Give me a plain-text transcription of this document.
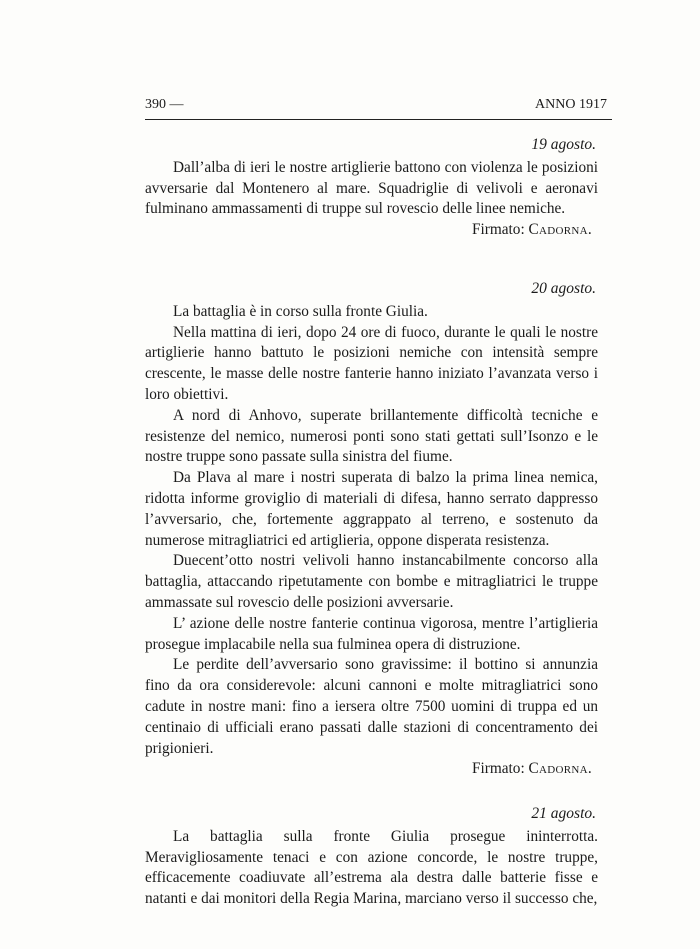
390 —	ANNO 1917

19 agosto.

Dall’alba di ieri le nostre artiglierie battono con violenza le posizioni avversarie dal Montenero al mare. Squadriglie di velivoli e aeronavi fulminano ammassamenti di truppe sul rovescio delle linee nemiche.

Firmato: Cadorna.

20 agosto.

La battaglia è in corso sulla fronte Giulia.

Nella mattina di ieri, dopo 24 ore di fuoco, durante le quali le nostre artiglierie hanno battuto le posizioni nemiche con intensità sempre crescente, le masse delle nostre fanterie hanno iniziato l’avanzata verso i loro obiettivi.

A nord di Anhovo, superate brillantemente difficoltà tecniche e resistenze del nemico, numerosi ponti sono stati gettati sull’Isonzo e le nostre truppe sono passate sulla sinistra del fiume.

Da Plava al mare i nostri superata di balzo la prima linea nemica, ridotta informe groviglio di materiali di difesa, hanno serrato dappresso l’avversario, che, fortemente aggrappato al terreno, e sostenuto da numerose mitragliatrici ed artiglieria, oppone disperata resistenza.

Duecent’otto nostri velivoli hanno instancabilmente concorso alla battaglia, attaccando ripetutamente con bombe e mitragliatrici le truppe ammassate sul rovescio delle posizioni avversarie.

L’ azione delle nostre fanterie continua vigorosa, mentre l’artiglieria prosegue implacabile nella sua fulminea opera di distruzione.

Le perdite dell’avversario sono gravissime: il bottino si annunzia fino da ora considerevole: alcuni cannoni e molte mitragliatrici sono cadute in nostre mani: fino a iersera oltre 7500 uomini di truppa ed un centinaio di ufficiali erano passati dalle stazioni di concentramento dei prigionieri.

Firmato: Cadorna.

21 agosto.

La battaglia sulla fronte Giulia prosegue ininterrotta. Meravigliosamente tenaci e con azione concorde, le nostre truppe, efficacemente coadiuvate all’estrema ala destra dalle batterie fisse e natanti e dai monitori della Regia Marina, marciano verso il successo che,
